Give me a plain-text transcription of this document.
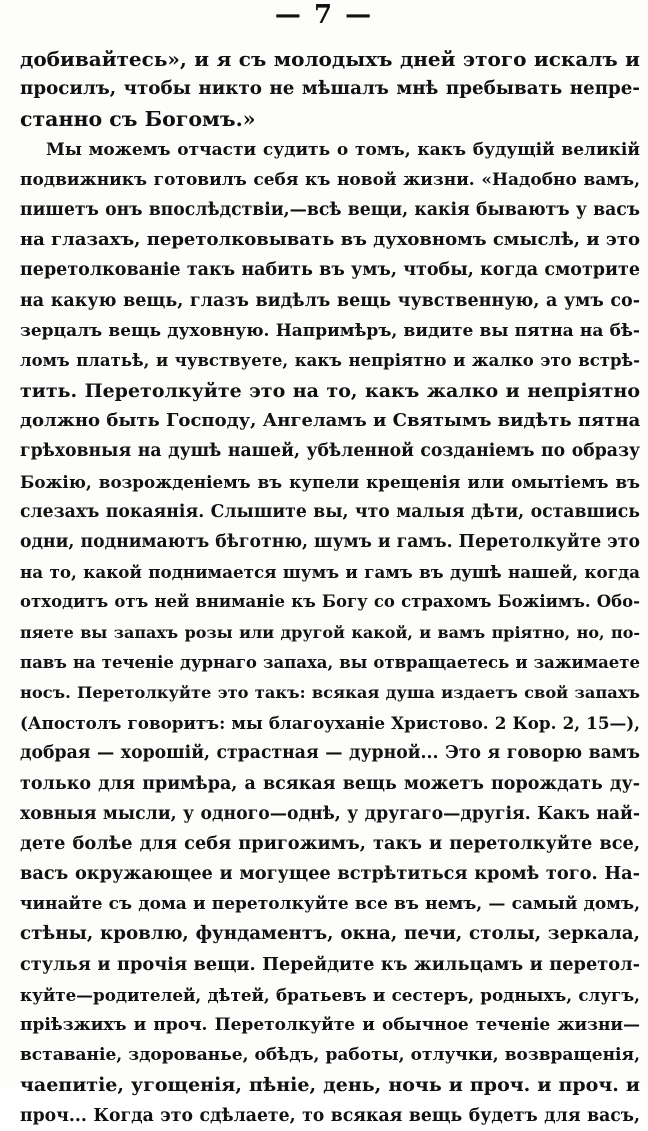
— 7 —
добивайтесь», и я съ молодыхъ дней этого искалъ и
просилъ, чтобы никто не мѣшалъ мнѣ пребывать непре-
станно съ Богомъ.»
Мы можемъ отчасти судить о томъ, какъ будущій великій
подвижникъ готовилъ себя къ новой жизни. «Надобно вамъ,
пишетъ онъ впослѣдствіи,—всѣ вещи, какія бываютъ у васъ
на глазахъ, перетолковывать въ духовномъ смыслѣ, и это
перетолкованіе такъ набить въ умъ, чтобы, когда смотрите
на какую вещь, глазъ видѣлъ вещь чувственную, а умъ со-
зерцалъ вещь духовную. Напримѣръ, видите вы пятна на бѣ-
ломъ платьѣ, и чувствуете, какъ непріятно и жалко это встрѣ-
тить. Перетолкуйте это на то, какъ жалко и непріятно
должно быть Господу, Ангеламъ и Святымъ видѣть пятна
грѣховныя на душѣ нашей, убѣленной созданіемъ по образу
Божію, возрожденіемъ въ купели крещенія или омытіемъ въ
слезахъ покаянія. Слышите вы, что малыя дѣти, оставшись
одни, поднимаютъ бѣготню, шумъ и гамъ. Перетолкуйте это
на то, какой поднимается шумъ и гамъ въ душѣ нашей, когда
отходитъ отъ ней вниманіе къ Богу со страхомъ Божіимъ. Обо-
пяете вы запахъ розы или другой какой, и вамъ пріятно, но, по-
павъ на теченіе дурнаго запаха, вы отвращаетесь и зажимаете
носъ. Перетолкуйте это такъ: всякая душа издаетъ свой запахъ
(Апостолъ говоритъ: мы благоуханіе Христово. 2 Кор. 2, 15—),
добрая — хорошій, страстная — дурной... Это я говорю вамъ
только для примѣра, а всякая вещь можетъ порождать ду-
ховныя мысли, у одного—однѣ, у другаго—другія. Какъ най-
дете болѣе для себя пригожимъ, такъ и перетолкуйте все,
васъ окружающее и могущее встрѣтиться кромѣ того. На-
чинайте съ дома и перетолкуйте все въ немъ, — самый домъ,
стѣны, кровлю, фундаментъ, окна, печи, столы, зеркала,
стулья и прочія вещи. Перейдите къ жильцамъ и перетол-
куйте—родителей, дѣтей, братьевъ и сестеръ, родныхъ, слугъ,
пріѣзжихъ и проч. Перетолкуйте и обычное теченіе жизни—
вставаніе, здорованье, обѣдъ, работы, отлучки, возвращенія,
чаепитіе, угощенія, пѣніе, день, ночь и проч. и проч. и
проч... Когда это сдѣлаете, то всякая вещь будетъ для васъ,
